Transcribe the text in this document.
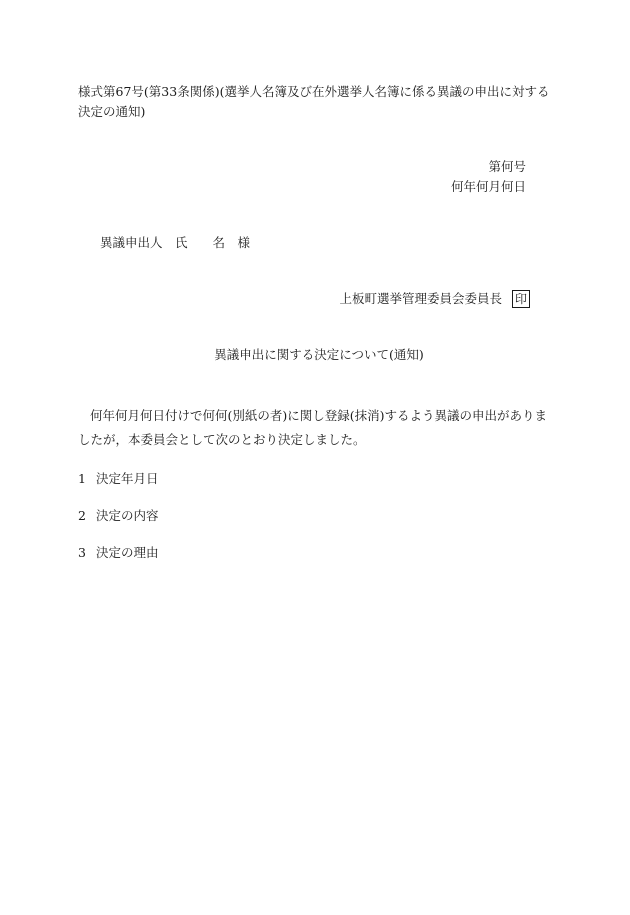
様式第67号(第33条関係)(選挙人名簿及び在外選挙人名簿に係る異議の申出に対する決定の通知)
第何号
何年何月何日
異議申出人　氏　　名　様
上板町選挙管理委員会委員長 印
異議申出に関する決定について(通知)
何年何月何日付けで何何(別紙の者)に関し登録(抹消)するよう異議の申出がありましたが，本委員会として次のとおり決定しました。
1 決定年月日
2 決定の内容
3 決定の理由
